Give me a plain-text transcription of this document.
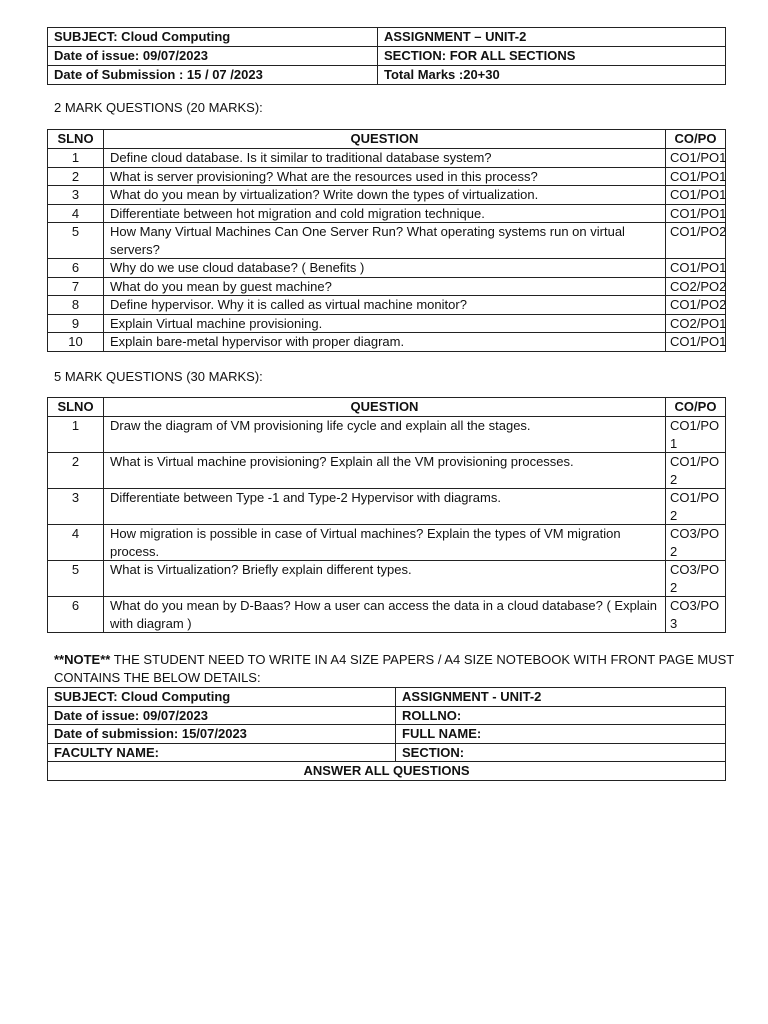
SUBJECT: Cloud Computing	ASSIGNMENT – UNIT-2
Date of issue: 09/07/2023	SECTION: FOR ALL SECTIONS
Date of Submission : 15 / 07 /2023	Total Marks :20+30
2 MARK QUESTIONS (20 MARKS):
SLNO	QUESTION	CO/PO
1	Define cloud database. Is it similar to traditional database system?	CO1/PO1
2	What is server provisioning? What are the resources used in this process?	CO1/PO1
3	What do you mean by virtualization? Write down the types of virtualization.	CO1/PO1
4	Differentiate between hot migration and cold migration technique.	CO1/PO1
5	How Many Virtual Machines Can One Server Run? What operating systems run on virtual servers?	CO1/PO2
6	Why do we use cloud database? ( Benefits )	CO1/PO1
7	What do you mean by guest machine?	CO2/PO2
8	Define hypervisor. Why it is called as virtual machine monitor?	CO1/PO2
9	Explain Virtual machine provisioning.	CO2/PO1
10	Explain bare-metal hypervisor with proper diagram.	CO1/PO1
5 MARK QUESTIONS (30 MARKS):
SLNO	QUESTION	CO/PO
1	Draw the diagram of VM provisioning life cycle and explain all the stages.	CO1/PO1
2	What is Virtual machine provisioning? Explain all the VM provisioning processes.	CO1/PO2
3	Differentiate between Type -1 and Type-2 Hypervisor with diagrams.	CO1/PO2
4	How migration is possible in case of Virtual machines? Explain the types of VM migration process.	CO3/PO2
5	What is Virtualization? Briefly explain different types.	CO3/PO2
6	What do you mean by D-Baas? How a user can access the data in a cloud database? ( Explain with diagram )	CO3/PO3
**NOTE** THE STUDENT NEED TO WRITE IN A4 SIZE PAPERS / A4 SIZE NOTEBOOK WITH FRONT PAGE MUST CONTAINS THE BELOW DETAILS:
SUBJECT: Cloud Computing	ASSIGNMENT - UNIT-2
Date of issue: 09/07/2023	ROLLNO:
Date of submission: 15/07/2023	FULL NAME:
FACULTY NAME:	SECTION:
ANSWER ALL QUESTIONS	
